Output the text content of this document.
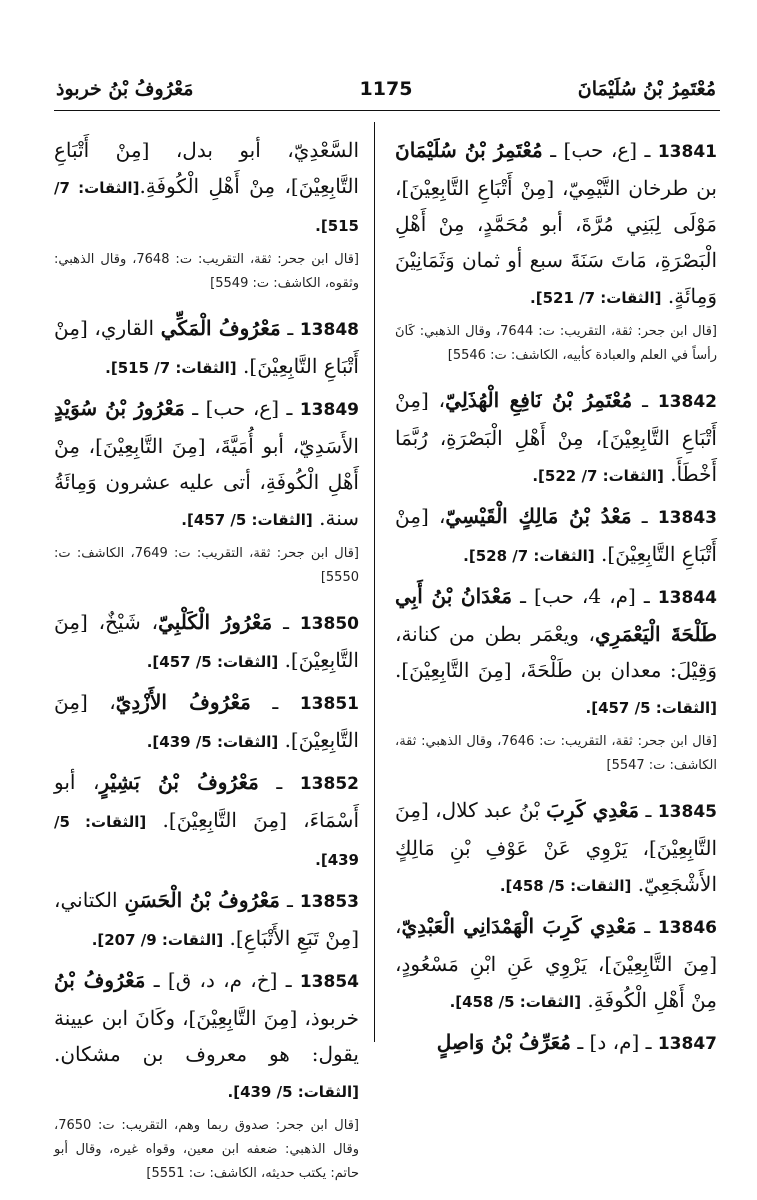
مُعْتَمِرُ بْنُ سُلَيْمَانَ
1175
مَعْرُوفُ بْنُ خربوذ

13841 ـ [ع، حب] ـ مُعْتَمِرُ بْنُ سُلَيْمَانَ بن طرخان التَّيْمِيّ، [مِنْ أَتْبَاعِ التَّابِعِيْنَ]، مَوْلَى لِبَنِي مُرَّةَ، أبو مُحَمَّدٍ، مِنْ أَهْلِ الْبَصْرَةِ، مَاتَ سَنَةَ سبع أو ثمان وَثَمَانِيْنَ وَمِائَةٍ. [الثقات: 7/ 521].

[قال ابن جحر: ثقة، التقريب: ت: 7644، وقال الذهبي: كَانَ رأساً في العلم والعبادة كأبيه، الكاشف: ت: 5546]

13842 ـ مُعْتَمِرُ بْنُ نَافِعِ الْهُذَلِيّ، [مِنْ أَتْبَاعِ التَّابِعِيْنَ]، مِنْ أَهْلِ الْبَصْرَةِ، رُبَّمَا أَخْطَأَ. [الثقات: 7/ 522].

13843 ـ مَعْدُ بْنُ مَالِكٍ الْقَيْسِيّ، [مِنْ أَتْبَاعِ التَّابِعِيْنَ]. [الثقات: 7/ 528].

13844 ـ [م، 4، حب] ـ مَعْدَانُ بْنُ أَبِي طَلْحَةَ الْيَعْمَرِي، ويعْمَر بطن من كنانة، وَقِيْلَ: معدان بن طَلْحَةَ، [مِنَ التَّابِعِيْنَ]. [الثقات: 5/ 457].

[قال ابن جحر: ثقة، التقريب: ت: 7646، وقال الذهبي: ثقة، الكاشف: ت: 5547]

13845 ـ مَعْدِي كَرِبَ بْنُ عبد كلال، [مِنَ التَّابِعِيْنَ]، يَرْوِي عَنْ عَوْفِ بْنِ مَالِكٍ الأَشْجَعِيّ. [الثقات: 5/ 458].

13846 ـ مَعْدِي كَرِبَ الْهَمْدَانِي الْعَبْدِيّ، [مِنَ التَّابِعِيْنَ]، يَرْوِي عَنِ ابْنِ مَسْعُودٍ، مِنْ أَهْلِ الْكُوفَةِ. [الثقات: 5/ 458].

13847 ـ [م، د] ـ مُعَرِّفُ بْنُ وَاصِلٍ

السَّعْدِيّ، أبو بدل، [مِنْ أَتْبَاعِ التَّابِعِيْنَ]، مِنْ أَهْلِ الْكُوفَةِ.[الثقات: 7/ 515].

[قال ابن جحر: ثقة، التقريب: ت: 7648، وقال الذهبي: وثقوه، الكاشف: ت: 5549]

13848 ـ مَعْرُوفُ الْمَكِّي القاري، [مِنْ أَتْبَاعِ التَّابِعِيْنَ]. [الثقات: 7/ 515].

13849 ـ [ع، حب] ـ مَعْرُورُ بْنُ سُوَيْدٍ الأَسَدِيّ، أبو أُمَيَّةَ، [مِنَ التَّابِعِيْنَ]، مِنْ أَهْلِ الْكُوفَةِ، أتى عليه عشرون وَمِائَةُ سنة. [الثقات: 5/ 457].

[قال ابن جحر: ثقة، التقريب: ت: 7649، الكاشف: ت: 5550]

13850 ـ مَعْرُورُ الْكَلْبِيّ، شَيْخٌ، [مِنَ التَّابِعِيْنَ]. [الثقات: 5/ 457].

13851 ـ مَعْرُوفُ الأَزْدِيّ، [مِنَ التَّابِعِيْنَ]. [الثقات: 5/ 439].

13852 ـ مَعْرُوفُ بْنُ بَشِيْرٍ، أبو أَسْمَاءَ، [مِنَ التَّابِعِيْنَ]. [الثقات: 5/ 439].

13853 ـ مَعْرُوفُ بْنُ الْحَسَنِ الكتاني، [مِنْ تَبَعِ الأَتْبَاعِ]. [الثقات: 9/ 207].

13854 ـ [خ، م، د، ق] ـ مَعْرُوفُ بْنُ خربوذ، [مِنَ التَّابِعِيْنَ]، وكَانَ ابن عيينة يقول: هو معروف بن مشكان. [الثقات: 5/ 439].

[قال ابن جحر: صدوق ربما وهم، التقريب: ت: 7650، وقال الذهبي: ضعفه ابن معين، وقواه غيره، وقال أبو حاتم: يكتب حديثه، الكاشف: ت: 5551]
